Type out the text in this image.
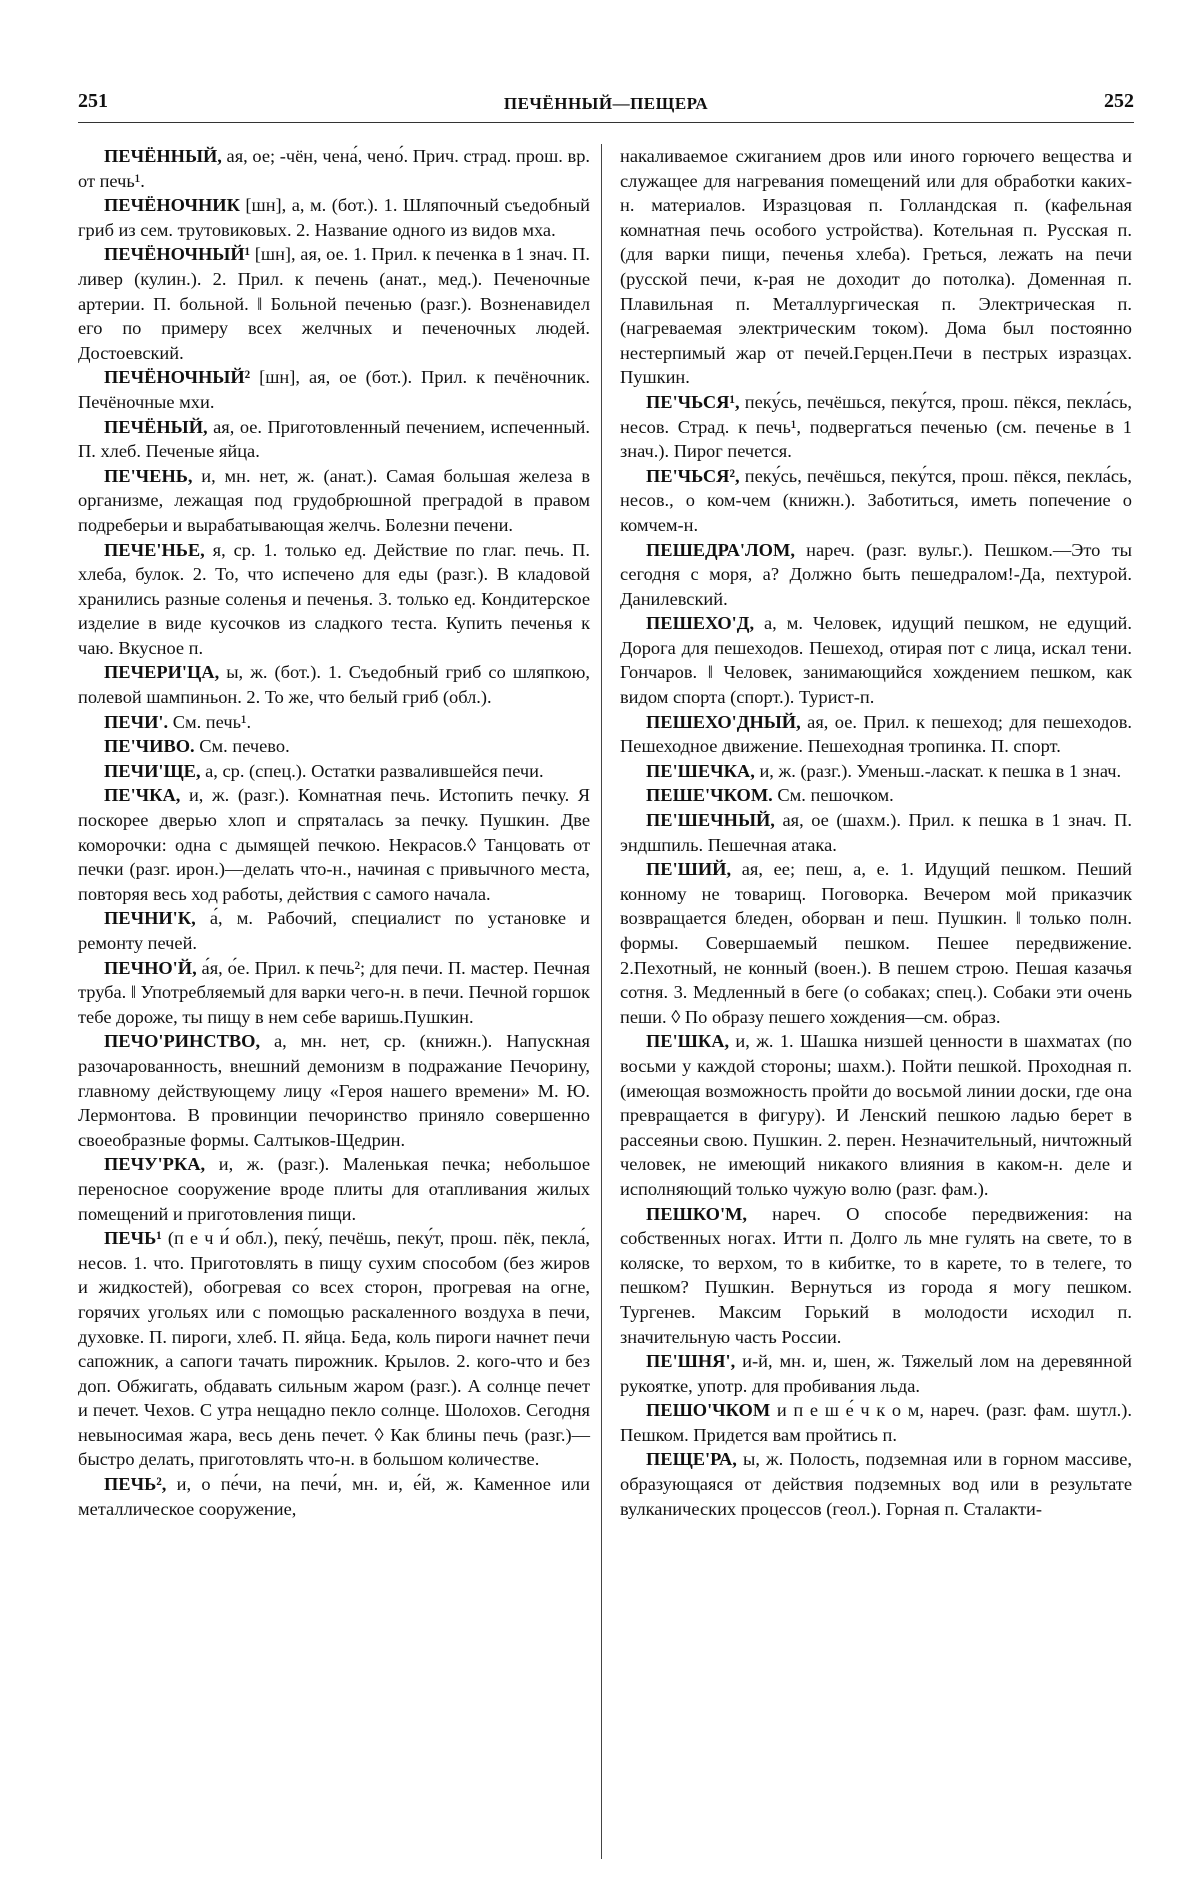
251	ПЕЧЁННЫЙ—ПЕЩЕРА	252

ПЕЧЁННЫЙ, ая, ое; -чён, чена́, чено́. Прич. страд. прош. вр. от печь¹.

ПЕЧЁНОЧНИК [шн], а, м. (бот.). 1. Шляпочный съедобный гриб из сем. трутовиковых. 2. Название одного из видов мха.

ПЕЧЁНОЧНЫЙ¹ [шн], ая, ое. 1. Прил. к печенка в 1 знач. П. ливер (кулин.). 2. Прил. к печень (анат., мед.). Печеночные артерии. П. больной. ‖ Больной печенью (разг.). Возненавидел его по примеру всех желчных и печеночных людей. Достоевский.

ПЕЧЁНОЧНЫЙ² [шн], ая, ое (бот.). Прил. к печёночник. Печёночные мхи.

ПЕЧЁНЫЙ, ая, ое. Приготовленный печением, испеченный. П. хлеб. Печеные яйца.

ПЕ'ЧЕНЬ, и, мн. нет, ж. (анат.). Самая большая железа в организме, лежащая под грудобрюшной преградой в правом подреберьи и вырабатывающая желчь. Болезни печени.

ПЕЧЕ'НЬЕ, я, ср. 1. только ед. Действие по глаг. печь. П. хлеба, булок. 2. То, что испечено для еды (разг.). В кладовой хранились разные соленья и печенья. 3. только ед. Кондитерское изделие в виде кусочков из сладкого теста. Купить печенья к чаю. Вкусное п.

ПЕЧЕРИ'ЦА, ы, ж. (бот.). 1. Съедобный гриб со шляпкою, полевой шампиньон. 2. То же, что белый гриб (обл.).

ПЕЧИ'. См. печь¹.

ПЕ'ЧИВО. См. печево.

ПЕЧИ'ЩЕ, а, ср. (спец.). Остатки развалившейся печи.

ПЕ'ЧКА, и, ж. (разг.). Комнатная печь. Истопить печку. Я поскорее дверью хлоп и спряталась за печку. Пушкин. Две коморочки: одна с дымящей печкою. Некрасов.◊ Танцовать от печки (разг. ирон.)—делать что-н., начиная с привычного места, повторяя весь ход работы, действия с самого начала.

ПЕЧНИ'К, а́, м. Рабочий, специалист по установке и ремонту печей.

ПЕЧНО'Й, а́я, о́е. Прил. к печь²; для печи. П. мастер. Печная труба. ‖ Употребляемый для варки чего-н. в печи. Печной горшок тебе дороже, ты пищу в нем себе варишь.Пушкин.

ПЕЧО'РИНСТВО, а, мн. нет, ср. (книжн.). Напускная разочарованность, внешний демонизм в подражание Печорину, главному действующему лицу «Героя нашего времени» М. Ю. Лермонтова. В провинции печоринство приняло совершенно своеобразные формы. Салтыков-Щедрин.

ПЕЧУ'РКА, и, ж. (разг.). Маленькая печка; небольшое переносное сооружение вроде плиты для отапливания жилых помещений и приготовления пищи.

ПЕЧЬ¹ (п е ч и́ обл.), пеку́, печёшь, пеку́т, прош. пёк, пекла́, несов. 1. что. Приготовлять в пищу сухим способом (без жиров и жидкостей), обогревая со всех сторон, прогревая на огне, горячих угольях или с помощью раскаленного воздуха в печи, духовке. П. пироги, хлеб. П. яйца. Беда, коль пироги начнет печи сапожник, а сапоги тачать пирожник. Крылов. 2. кого-что и без доп. Обжигать, обдавать сильным жаром (разг.). А солнце печет и печет. Чехов. С утра нещадно пекло солнце. Шолохов. Сегодня невыносимая жара, весь день печет. ◊ Как блины печь (разг.)—быстро делать, приготовлять что-н. в большом количестве.

ПЕЧЬ², и, о пе́чи, на печи́, мн. и, е́й, ж. Каменное или металлическое сооружение,

накаливаемое сжиганием дров или иного горючего вещества и служащее для нагревания помещений или для обработки каких-н. материалов. Изразцовая п. Голландская п. (кафельная комнатная печь особого устройства). Котельная п. Русская п. (для варки пищи, печенья хлеба). Греться, лежать на печи (русской печи, к-рая не доходит до потолка). Доменная п. Плавильная п. Металлургическая п. Электрическая п. (нагреваемая электрическим током). Дома был постоянно нестерпимый жар от печей.Герцен.Печи в пестрых изразцах. Пушкин.

ПЕ'ЧЬСЯ¹, пеку́сь, печёшься, пеку́тся, прош. пёкся, пекла́сь, несов. Страд. к печь¹, подвергаться печенью (см. печенье в 1 знач.). Пирог печется.

ПЕ'ЧЬСЯ², пеку́сь, печёшься, пеку́тся, прош. пёкся, пекла́сь, несов., о ком-чем (книжн.). Заботиться, иметь попечение о комчем-н.

ПЕШЕДРА'ЛОМ, нареч. (разг. вульг.). Пешком.—Это ты сегодня с моря, а? Должно быть пешедралом!-Да, пехтурой. Данилевский.

ПЕШЕХО'Д, а, м. Человек, идущий пешком, не едущий. Дорога для пешеходов. Пешеход, отирая пот с лица, искал тени. Гончаров. ‖ Человек, занимающийся хождением пешком, как видом спорта (спорт.). Турист-п.

ПЕШЕХО'ДНЫЙ, ая, ое. Прил. к пешеход; для пешеходов. Пешеходное движение. Пешеходная тропинка. П. спорт.

ПЕ'ШЕЧКА, и, ж. (разг.). Уменьш.-ласкат. к пешка в 1 знач.

ПЕШЕ'ЧКОМ. См. пешочком.

ПЕ'ШЕЧНЫЙ, ая, ое (шахм.). Прил. к пешка в 1 знач. П. эндшпиль. Пешечная атака.

ПЕ'ШИЙ, ая, ее; пеш, а, е. 1. Идущий пешком. Пеший конному не товарищ. Поговорка. Вечером мой приказчик возвращается бледен, оборван и пеш. Пушкин. ‖ только полн. формы. Совершаемый пешком. Пешее передвижение. 2.Пехотный, не конный (воен.). В пешем строю. Пешая казачья сотня. 3. Медленный в беге (о собаках; спец.). Собаки эти очень пеши. ◊ По образу пешего хождения—см. образ.

ПЕ'ШКА, и, ж. 1. Шашка низшей ценности в шахматах (по восьми у каждой стороны; шахм.). Пойти пешкой. Проходная п. (имеющая возможность пройти до восьмой линии доски, где она превращается в фигуру). И Ленский пешкою ладью берет в рассеяньи свою. Пушкин. 2. перен. Незначительный, ничтожный человек, не имеющий никакого влияния в каком-н. деле и исполняющий только чужую волю (разг. фам.).

ПЕШКО'М, нареч. О способе передвижения: на собственных ногах. Итти п. Долго ль мне гулять на свете, то в коляске, то верхом, то в кибитке, то в карете, то в телеге, то пешком? Пушкин. Вернуться из города я могу пешком. Тургенев. Максим Горький в молодости исходил п. значительную часть России.

ПЕ'ШНЯ', и-й, мн. и, шен, ж. Тяжелый лом на деревянной рукоятке, употр. для пробивания льда.

ПЕШО'ЧКОМ и п е ш е́ ч к о м, нареч. (разг. фам. шутл.). Пешком. Придется вам пройтись п.

ПЕЩЕ'РА, ы, ж. Полость, подземная или в горном массиве, образующаяся от действия подземных вод или в результате вулканических процессов (геол.). Горная п. Сталакти-
